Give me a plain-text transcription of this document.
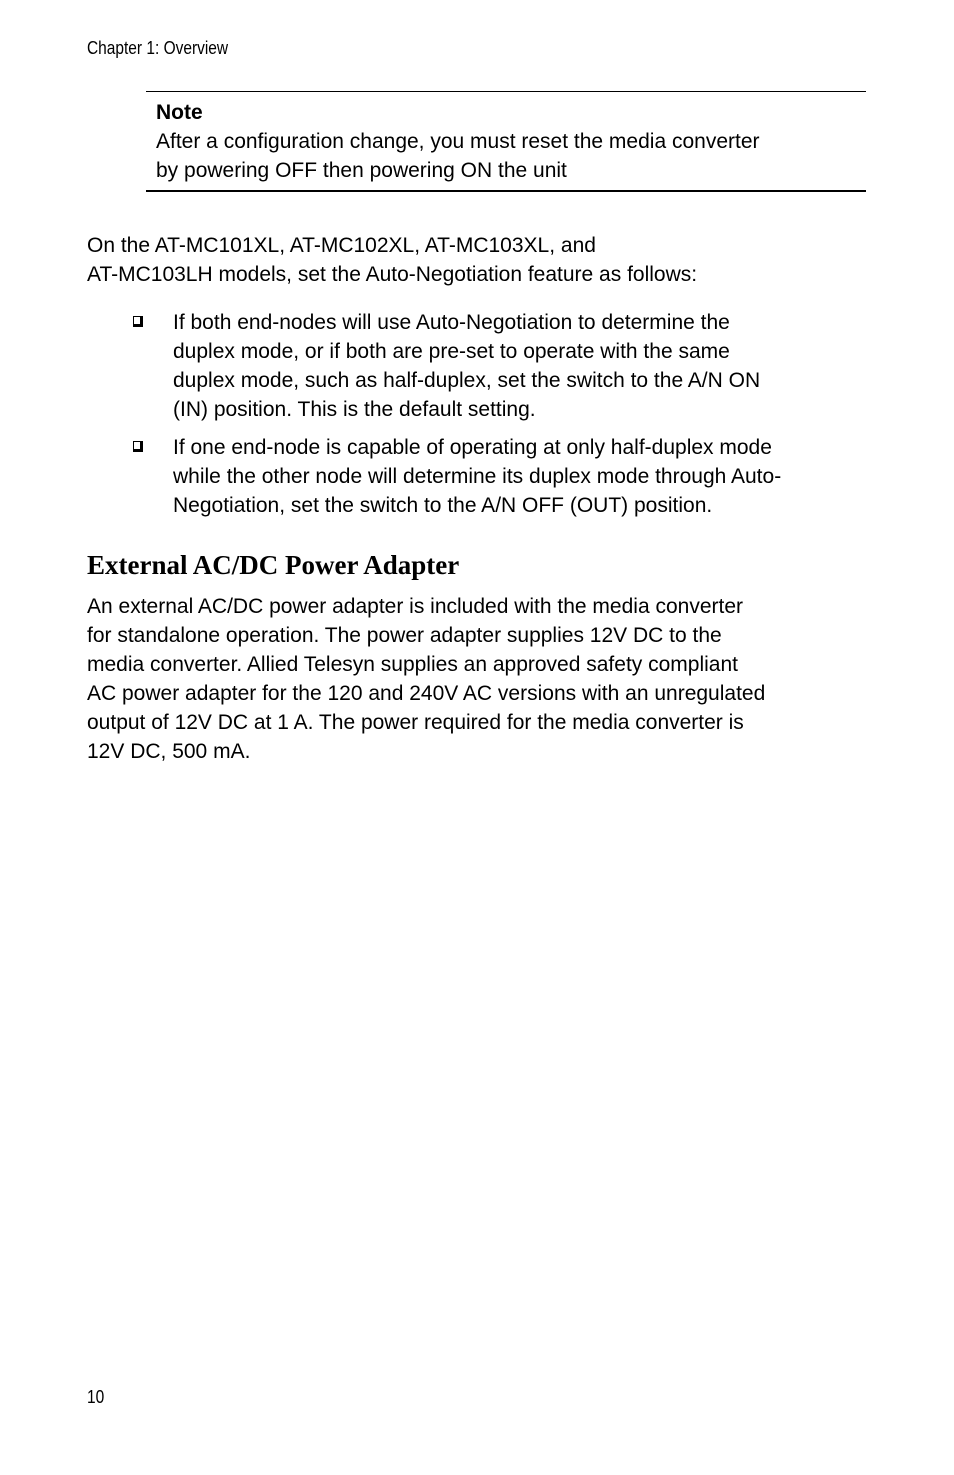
Chapter 1: Overview
Note
After a configuration change, you must reset the media converter
by powering OFF then powering ON the unit
On the AT-MC101XL, AT-MC102XL, AT-MC103XL, and
AT-MC103LH models, set the Auto-Negotiation feature as follows:
If both end-nodes will use Auto-Negotiation to determine the
duplex mode, or if both are pre-set to operate with the same
duplex mode, such as half-duplex, set the switch to the A/N ON
(IN) position. This is the default setting.
If one end-node is capable of operating at only half-duplex mode
while the other node will determine its duplex mode through Auto-
Negotiation, set the switch to the A/N OFF (OUT) position.
External AC/DC Power Adapter
An external AC/DC power adapter is included with the media converter
for standalone operation. The power adapter supplies 12V DC to the
media converter. Allied Telesyn supplies an approved safety compliant
AC power adapter for the 120 and 240V AC versions with an unregulated
output of 12V DC at 1 A. The power required for the media converter is
12V DC, 500 mA.
10
